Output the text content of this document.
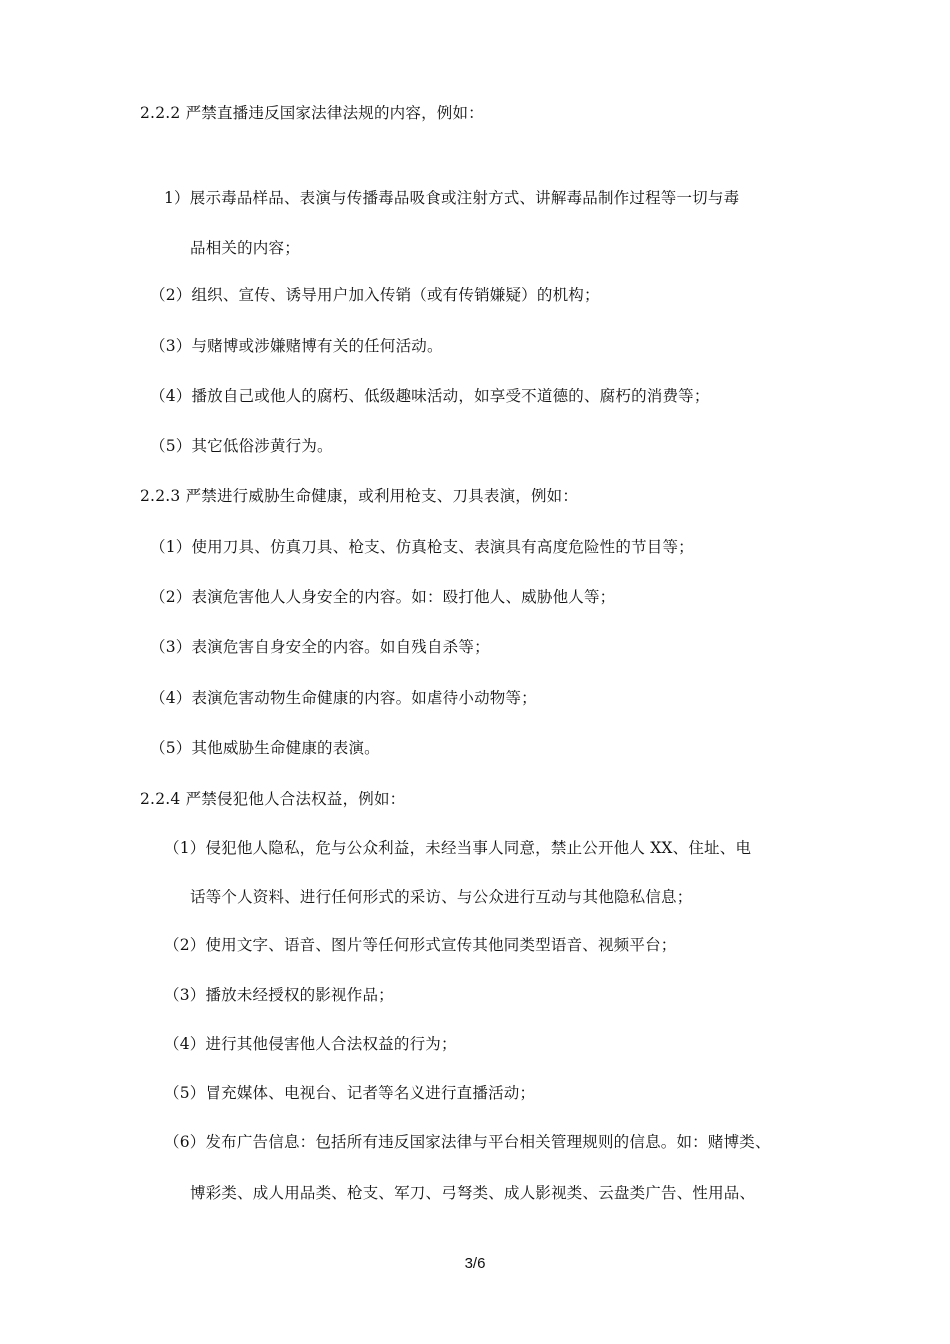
2.2.2 严禁直播违反国家法律法规的内容，例如：
1）展示毒品样品、表演与传播毒品吸食或注射方式、讲解毒品制作过程等一切与毒
品相关的内容；
（2）组织、宣传、诱导用户加入传销（或有传销嫌疑）的机构；
（3）与赌博或涉嫌赌博有关的任何活动。
（4）播放自己或他人的腐朽、低级趣味活动，如享受不道德的、腐朽的消费等；
（5）其它低俗涉黄行为。
2.2.3 严禁进行威胁生命健康，或利用枪支、刀具表演，例如：
（1）使用刀具、仿真刀具、枪支、仿真枪支、表演具有高度危险性的节目等；
（2）表演危害他人人身安全的内容。如：殴打他人、威胁他人等；
（3）表演危害自身安全的内容。如自残自杀等；
（4）表演危害动物生命健康的内容。如虐待小动物等；
（5）其他威胁生命健康的表演。
2.2.4 严禁侵犯他人合法权益，例如：
（1）侵犯他人隐私，危与公众利益，未经当事人同意，禁止公开他人 XX、住址、电
话等个人资料、进行任何形式的采访、与公众进行互动与其他隐私信息；
（2）使用文字、语音、图片等任何形式宣传其他同类型语音、视频平台；
（3）播放未经授权的影视作品；
（4）进行其他侵害他人合法权益的行为；
（5）冒充媒体、电视台、记者等名义进行直播活动；
（6）发布广告信息：包括所有违反国家法律与平台相关管理规则的信息。如：赌博类、
博彩类、成人用品类、枪支、军刀、弓弩类、成人影视类、云盘类广告、性用品、
3/6
